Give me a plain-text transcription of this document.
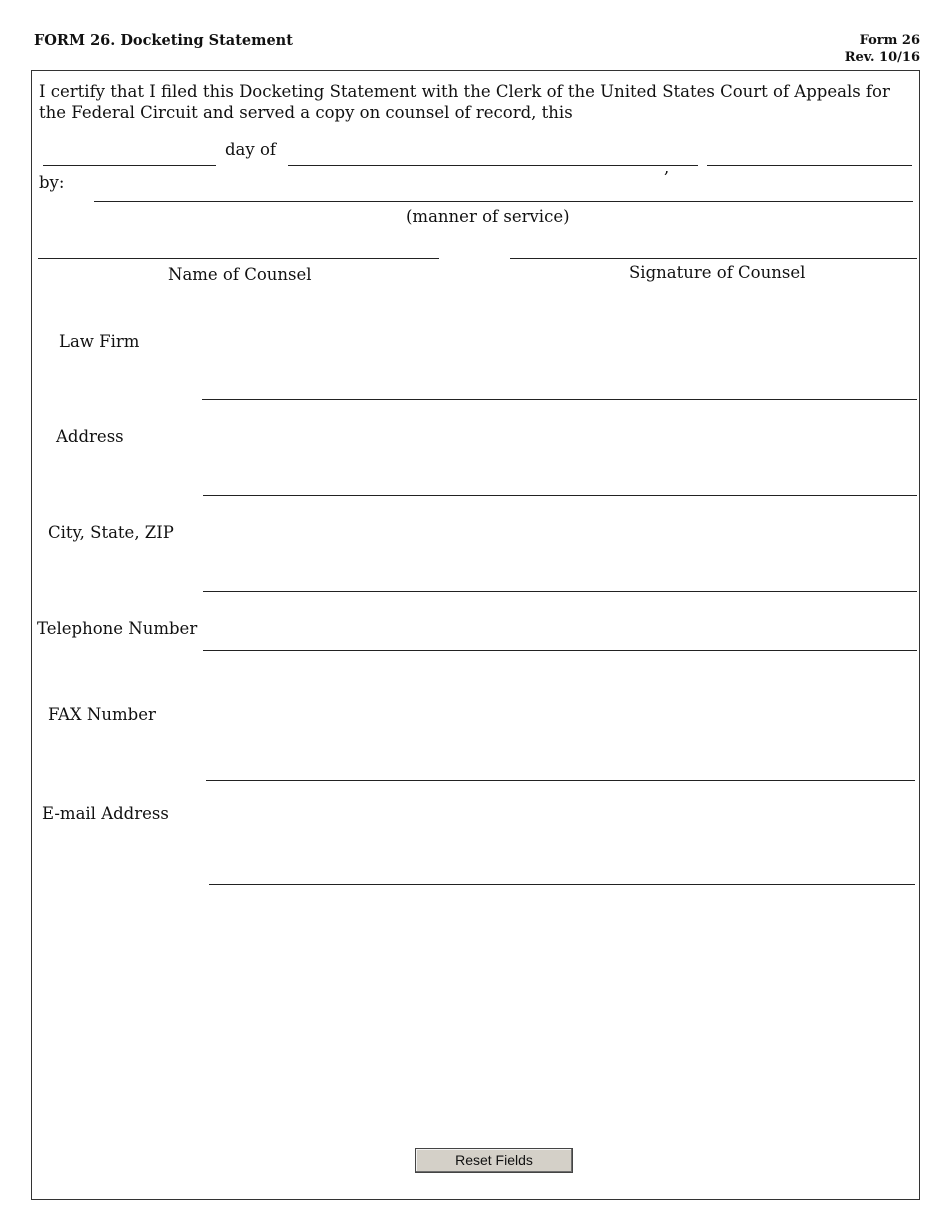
FORM 26. Docketing Statement	Form 26
Rev. 10/16
I certify that I filed this Docketing Statement with the Clerk of the United States Court of Appeals for the Federal Circuit and served a copy on counsel of record, this
day of
,
by:
(manner of service)
Name of Counsel	Signature of Counsel
Law Firm
Address
City, State, ZIP
Telephone Number
FAX Number
E-mail Address
Reset Fields
